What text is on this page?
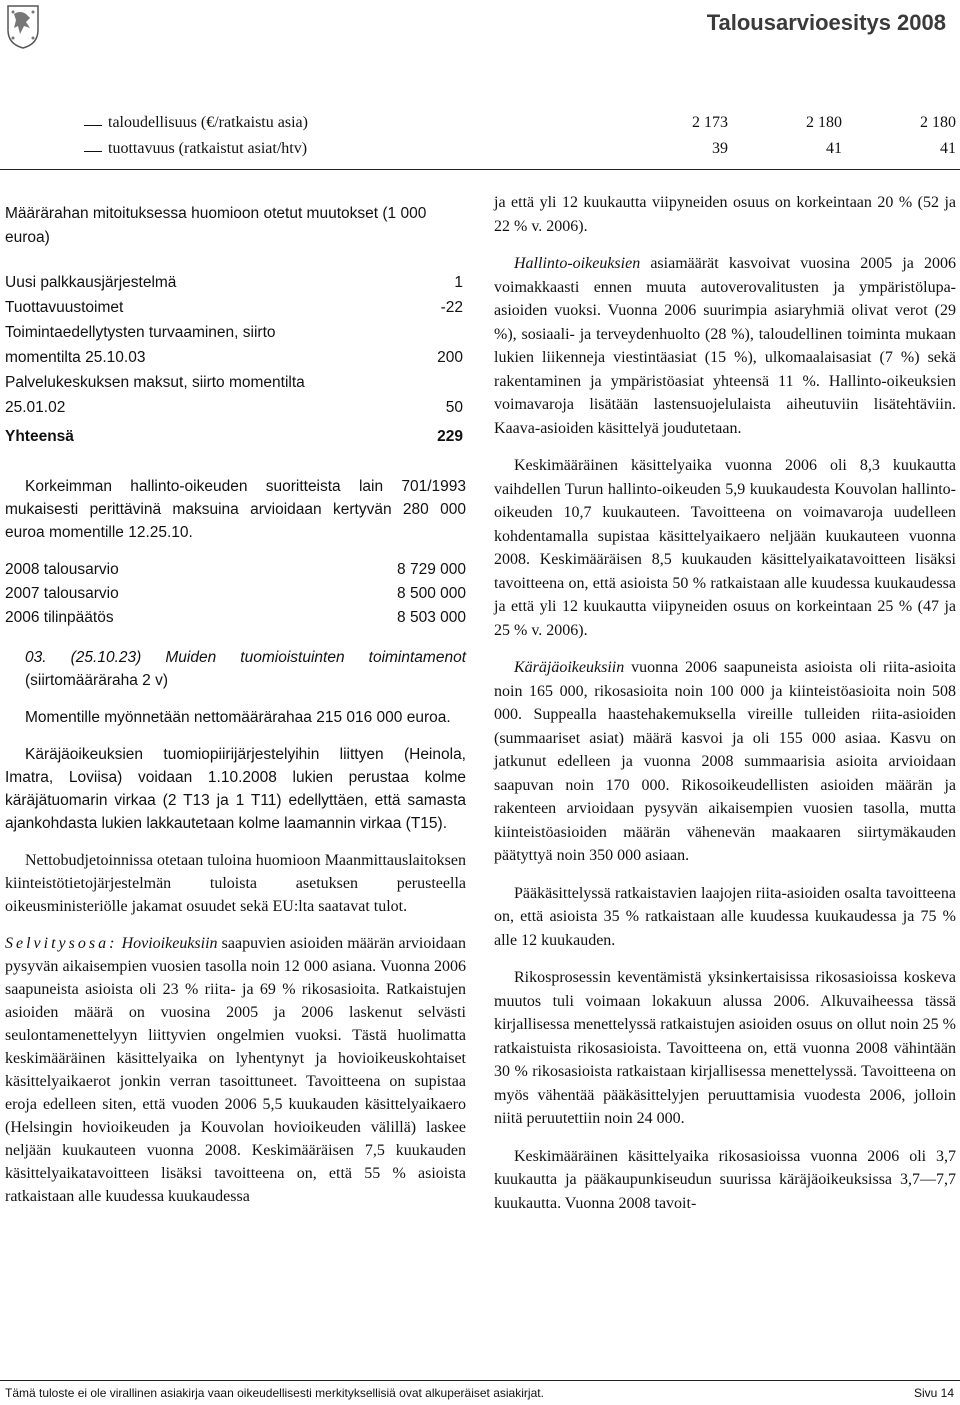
Talousarvioesitys 2008
taloudellisuus (€/ratkaistu asia)	2 173	2 180	2 180
tuottavuus (ratkaistut asiat/htv)	39	41	41
Määrärahan mitoituksessa huomioon otetut muutokset (1 000 euroa)
Uusi palkkausjärjestelmä	1
Tuottavuustoimet	-22
Toimintaedellytysten turvaaminen, siirto momentilta 25.10.03	200
Palvelukeskuksen maksut, siirto momentilta 25.01.02	50
Yhteensä	229

Korkeimman hallinto-oikeuden suoritteista lain 701/1993 mukaisesti perittävinä maksuina arvioidaan kertyvän 280 000 euroa momentille 12.25.10.

2008 talousarvio	8 729 000
2007 talousarvio	8 500 000
2006 tilinpäätös	8 503 000

03. (25.10.23) Muiden tuomioistuinten toimintamenot (siirtomääräraha 2 v)

Momentille myönnetään nettomäärärahaa 215 016 000 euroa.

Käräjäoikeuksien tuomiopiirijärjestelyihin liittyen (Heinola, Imatra, Loviisa) voidaan 1.10.2008 lukien perustaa kolme käräjätuomarin virkaa (2 T13 ja 1 T11) edellyttäen, että samasta ajankohdasta lukien lakkautetaan kolme laamannin virkaa (T15).

Nettobudjetoinnissa otetaan tuloina huomioon Maanmittauslaitoksen kiinteistötietojärjestelmän tuloista asetuksen perusteella oikeusministeriölle jakamat osuudet sekä EU:lta saatavat tulot.

Selvitysosa: Hovioikeuksiin saapuvien asioiden määrän arvioidaan pysyvän aikaisempien vuosien tasolla noin 12 000 asiana. Vuonna 2006 saapuneista asioista oli 23 % riita- ja 69 % rikosasioita. Ratkaistujen asioiden määrä on vuosina 2005 ja 2006 laskenut selvästi seulontamenettelyyn liittyvien ongelmien vuoksi. Tästä huolimatta keskimääräinen käsittelyaika on lyhentynyt ja hovioikeuskohtaiset käsittelyaikaerot jonkin verran tasoittuneet. Tavoitteena on supistaa eroja edelleen siten, että vuoden 2006 5,5 kuukauden käsittelyaikaero (Helsingin hovioikeuden ja Kouvolan hovioikeuden välillä) laskee neljään kuukauteen vuonna 2008. Keskimääräisen 7,5 kuukauden käsittelyaikatavoitteen lisäksi tavoitteena on, että 55 % asioista ratkaistaan alle kuudessa kuukaudessa

ja että yli 12 kuukautta viipyneiden osuus on korkeintaan 20 % (52 ja 22 % v. 2006).

Hallinto-oikeuksien asiamäärät kasvoivat vuosina 2005 ja 2006 voimakkaasti ennen muuta autoverovalitusten ja ympäristölupa-asioiden vuoksi. Vuonna 2006 suurimpia asiaryhmiä olivat verot (29 %), sosiaali- ja terveydenhuolto (28 %), taloudellinen toiminta mukaan lukien liikenneja viestintäasiat (15 %), ulkomaalaisasiat (7 %) sekä rakentaminen ja ympäristöasiat yhteensä 11 %. Hallinto-oikeuksien voimavaroja lisätään lastensuojelulaista aiheutuviin lisätehtäviin. Kaava-asioiden käsittelyä joudutetaan.

Keskimääräinen käsittelyaika vuonna 2006 oli 8,3 kuukautta vaihdellen Turun hallinto-oikeuden 5,9 kuukaudesta Kouvolan hallinto-oikeuden 10,7 kuukauteen. Tavoitteena on voimavaroja uudelleen kohdentamalla supistaa käsittelyaikaero neljään kuukauteen vuonna 2008. Keskimääräisen 8,5 kuukauden käsittelyaikatavoitteen lisäksi tavoitteena on, että asioista 50 % ratkaistaan alle kuudessa kuukaudessa ja että yli 12 kuukautta viipyneiden osuus on korkeintaan 25 % (47 ja 25 % v. 2006).

Käräjäoikeuksiin vuonna 2006 saapuneista asioista oli riita-asioita noin 165 000, rikosasioita noin 100 000 ja kiinteistöasioita noin 508 000. Suppealla haastehakemuksella vireille tulleiden riita-asioiden (summaariset asiat) määrä kasvoi ja oli 155 000 asiaa. Kasvu on jatkunut edelleen ja vuonna 2008 summaarisia asioita arvioidaan saapuvan noin 170 000. Rikosoikeudellisten asioiden määrän ja rakenteen arvioidaan pysyvän aikaisempien vuosien tasolla, mutta kiinteistöasioiden määrän vähenevän maakaaren siirtymäkauden päätyttyä noin 350 000 asiaan.

Pääkäsittelyssä ratkaistavien laajojen riita-asioiden osalta tavoitteena on, että asioista 35 % ratkaistaan alle kuudessa kuukaudessa ja 75 % alle 12 kuukauden.

Rikosprosessin keventämistä yksinkertaisissa rikosasioissa koskeva muutos tuli voimaan lokakuun alussa 2006. Alkuvaiheessa tässä kirjallisessa menettelyssä ratkaistujen asioiden osuus on ollut noin 25 % ratkaistuista rikosasioista. Tavoitteena on, että vuonna 2008 vähintään 30 % rikosasioista ratkaistaan kirjallisessa menettelyssä. Tavoitteena on myös vähentää pääkäsittelyjen peruuttamisia vuodesta 2006, jolloin niitä peruutettiin noin 24 000.

Keskimääräinen käsittelyaika rikosasioissa vuonna 2006 oli 3,7 kuukautta ja pääkaupunkiseudun suurissa käräjäoikeuksissa 3,7—7,7 kuukautta. Vuonna 2008 tavoit-

Tämä tuloste ei ole virallinen asiakirja vaan oikeudellisesti merkityksellisiä ovat alkuperäiset asiakirjat.	Sivu 14
